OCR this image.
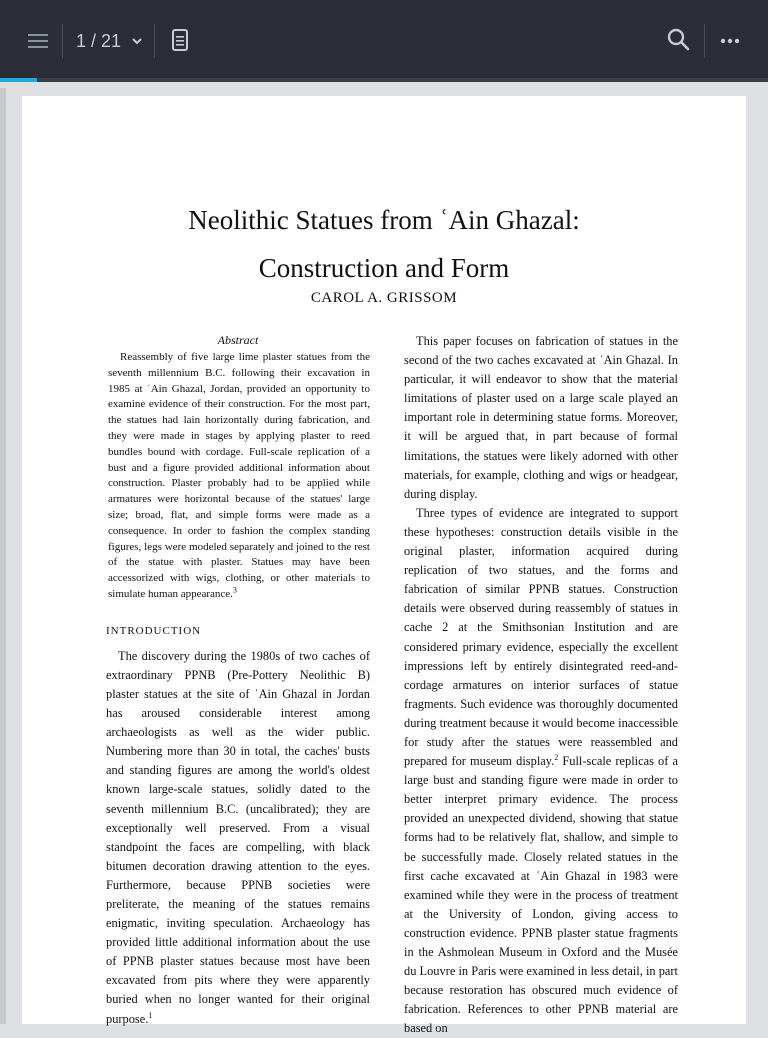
1 / 21
Neolithic Statues from ʿAin Ghazal:
Construction and Form
CAROL A. GRISSOM
Abstract

Reassembly of five large lime plaster statues from the seventh millennium B.C. following their excavation in 1985 at ʿAin Ghazal, Jordan, provided an opportunity to examine evidence of their construction. For the most part, the statues had lain horizontally during fabrication, and they were made in stages by applying plaster to reed bundles bound with cordage. Full-scale replication of a bust and a figure provided additional information about construction. Plaster probably had to be applied while armatures were horizontal because of the statues' large size; broad, flat, and simple forms were made as a consequence. In order to fashion the complex standing figures, legs were modeled separately and joined to the rest of the statue with plaster. Statues may have been accessorized with wigs, clothing, or other materials to simulate human appearance.$^3$

INTRODUCTION

The discovery during the 1980s of two caches of extraordinary PPNB (Pre-Pottery Neolithic B) plaster statues at the site of ʿAin Ghazal in Jordan has aroused considerable interest among archaeologists as well as the wider public. Numbering more than 30 in total, the caches' busts and standing figures are among the world's oldest known large-scale statues, solidly dated to the seventh millennium B.C. (uncalibrated); they are exceptionally well preserved. From a visual standpoint the faces are compelling, with black bitumen decoration drawing attention to the eyes. Furthermore, because PPNB societies were preliterate, the meaning of the statues remains enigmatic, inviting speculation. Archaeology has provided little additional information about the use of PPNB plaster statues because most have been excavated from pits where they were apparently buried when no longer wanted for their original purpose.$^1$

This paper focuses on fabrication of statues in the second of the two caches excavated at ʿAin Ghazal. In particular, it will endeavor to show that the material limitations of plaster used on a large scale played an important role in determining statue forms. Moreover, it will be argued that, in part because of formal limitations, the statues were likely adorned with other materials, for example, clothing and wigs or headgear, during display.

Three types of evidence are integrated to support these hypotheses: construction details visible in the original plaster, information acquired during replication of two statues, and the forms and fabrication of similar PPNB statues. Construction details were observed during reassembly of statues in cache 2 at the Smithsonian Institution and are considered primary evidence, especially the excellent impressions left by entirely disintegrated reed-and-cordage armatures on interior surfaces of statue fragments. Such evidence was thoroughly documented during treatment because it would become inaccessible for study after the statues were reassembled and prepared for museum display.$^2$ Full-scale replicas of a large bust and standing figure were made in order to better interpret primary evidence. The process provided an unexpected dividend, showing that statue forms had to be relatively flat, shallow, and simple to be successfully made. Closely related statues in the first cache excavated at ʿAin Ghazal in 1983 were examined while they were in the process of treatment at the University of London, giving access to construction evidence. PPNB plaster statue fragments in the Ashmolean Museum in Oxford and the Musée du Louvre in Paris were examined in less detail, in part because restoration has obscured much evidence of fabrication. References to other PPNB material are based on
